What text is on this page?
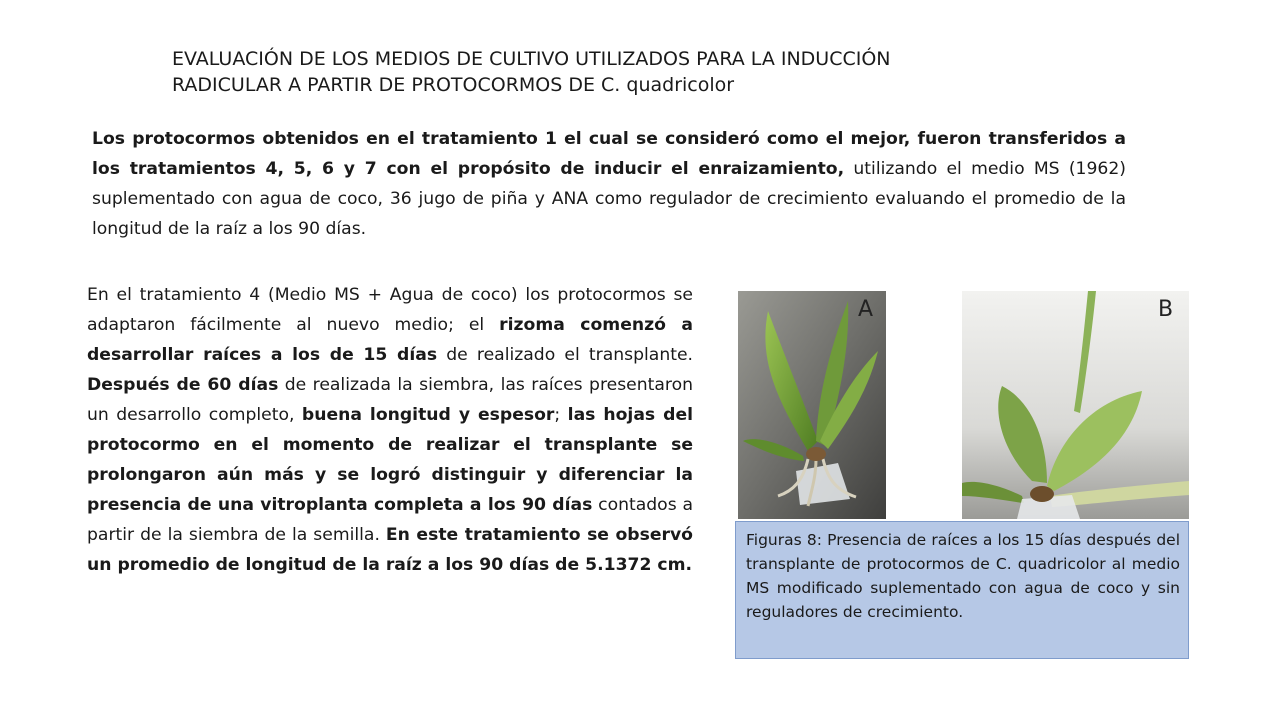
EVALUACIÓN DE LOS MEDIOS DE CULTIVO UTILIZADOS PARA LA INDUCCIÓN
RADICULAR A PARTIR DE PROTOCORMOS DE C. quadricolor
Los protocormos obtenidos en el tratamiento 1 el cual se consideró como el mejor, fueron transferidos a los tratamientos 4, 5, 6 y 7 con el propósito de inducir el enraizamiento, utilizando el medio MS (1962) suplementado con agua de coco, 36 jugo de piña y ANA como regulador de crecimiento evaluando el promedio de la longitud de la raíz a los 90 días.
En el tratamiento 4 (Medio MS + Agua de coco) los protocormos se adaptaron fácilmente al nuevo medio; el rizoma comenzó a desarrollar raíces a los de 15 días de realizado el transplante. Después de 60 días de realizada la siembra, las raíces presentaron un desarrollo completo, buena longitud y espesor; las hojas del protocormo en el momento de realizar el transplante se prolongaron aún más y se logró distinguir y diferenciar la presencia de una vitroplanta completa a los 90 días contados a partir de la siembra de la semilla. En este tratamiento se observó un promedio de longitud de la raíz a los 90 días de 5.1372 cm.
A	B
Figuras 8: Presencia de raíces a los 15 días después del transplante de protocormos de C. quadricolor al medio MS modificado suplementado con agua de coco y sin reguladores de crecimiento.
